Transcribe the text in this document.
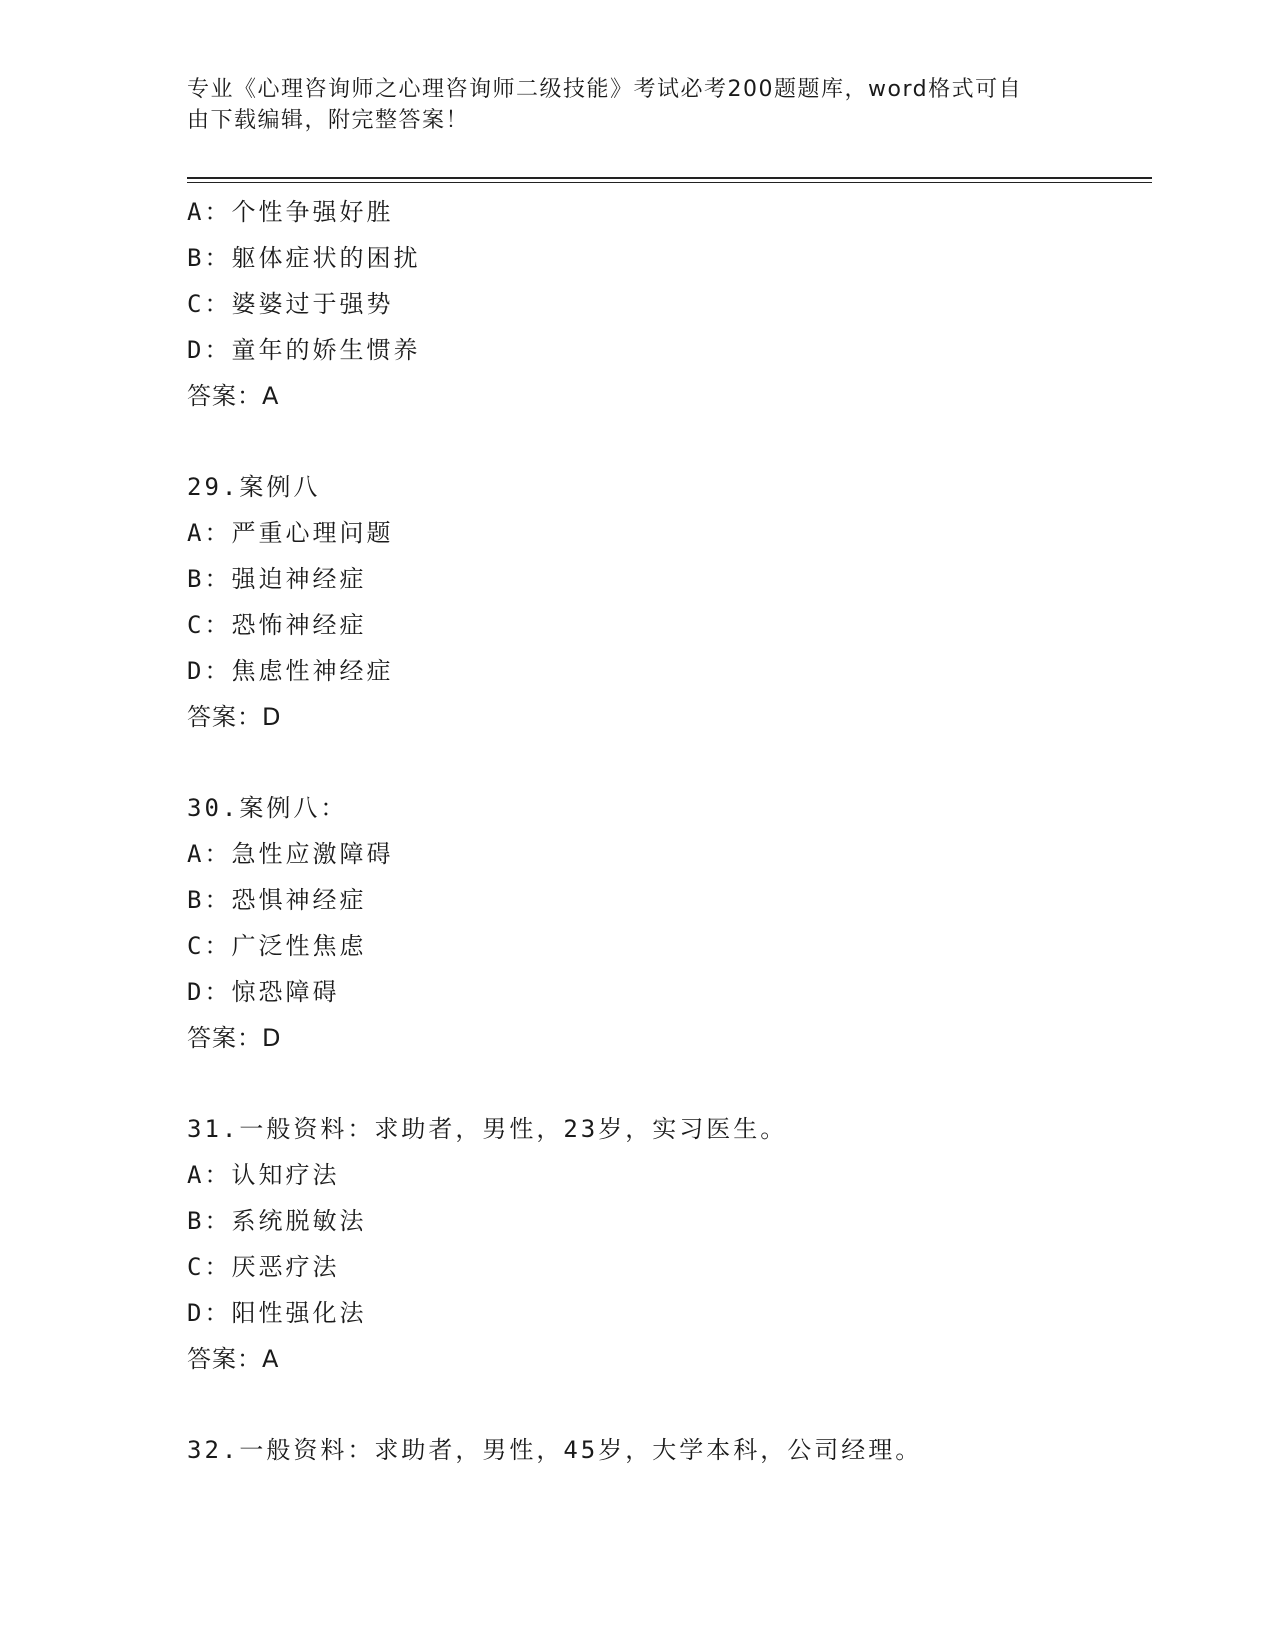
专业《心理咨询师之心理咨询师二级技能》考试必考200题题库，word格式可自
由下载编辑，附完整答案！
A：个性争强好胜
B：躯体症状的困扰
C：婆婆过于强势
D：童年的娇生惯养
答案：A
29.案例八
A：严重心理问题
B：强迫神经症
C：恐怖神经症
D：焦虑性神经症
答案：D
30.案例八：
A：急性应激障碍
B：恐惧神经症
C：广泛性焦虑
D：惊恐障碍
答案：D
31.一般资料：求助者，男性，23岁，实习医生。
A：认知疗法
B：系统脱敏法
C：厌恶疗法
D：阳性强化法
答案：A
32.一般资料：求助者，男性，45岁，大学本科，公司经理。
